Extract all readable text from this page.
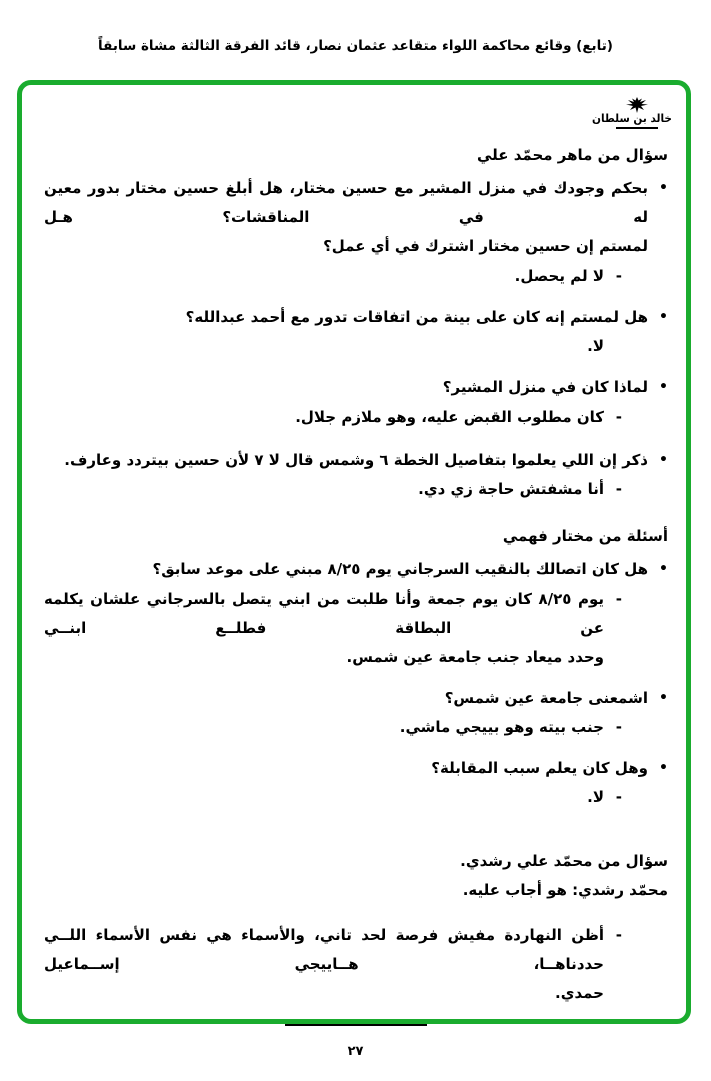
(تابع) وقائع محاكمة اللواء متقاعد عثمان نصار، قائد الفرقة الثالثة مشاة سابقاً
خالد بن سلطان
سؤال من ماهر محمّد علي
•
بحكم وجودك في منزل المشير مع حسين مختار، هل أبلغ حسين مختار بدور معين له في المناقشات؟ هـل
لمستم إن حسين مختار اشترك في أي عمل؟
-
لا لم يحصل.
•
هل لمستم إنه كان على بينة من اتفاقات تدور مع أحمد عبدالله؟
لا.
•
لماذا كان في منزل المشير؟
-
كان مطلوب القبض عليه، وهو ملازم جلال.
•
ذكر إن اللي يعلموا بتفاصيل الخطة ٦ وشمس قال لا ٧ لأن حسين بيتردد وعارف.
-
أنا مشفتش حاجة زي دي.
أسئلة من مختار فهمي
•
هل كان اتصالك بالنقيب السرجاني يوم ٨/٢٥ مبني على موعد سابق؟
-
يوم ٨/٢٥ كان يوم جمعة وأنا طلبت من ابني يتصل بالسرجاني علشان يكلمه عن البطاقة فطلــع ابنــي
وحدد ميعاد جنب جامعة عين شمس.
•
اشمعنى جامعة عين شمس؟
-
جنب بيته وهو بييجي ماشي.
•
وهل كان يعلم سبب المقابلة؟
-
لا.
سؤال من محمّد علي رشدي.
محمّد رشدي: هو أجاب عليه.
-
أظن النهاردة مفيش فرصة لحد تاني، والأسماء هي نفس الأسماء اللــي حددناهــا، هــاييجي إســماعيل
حمدي.
٢٧
